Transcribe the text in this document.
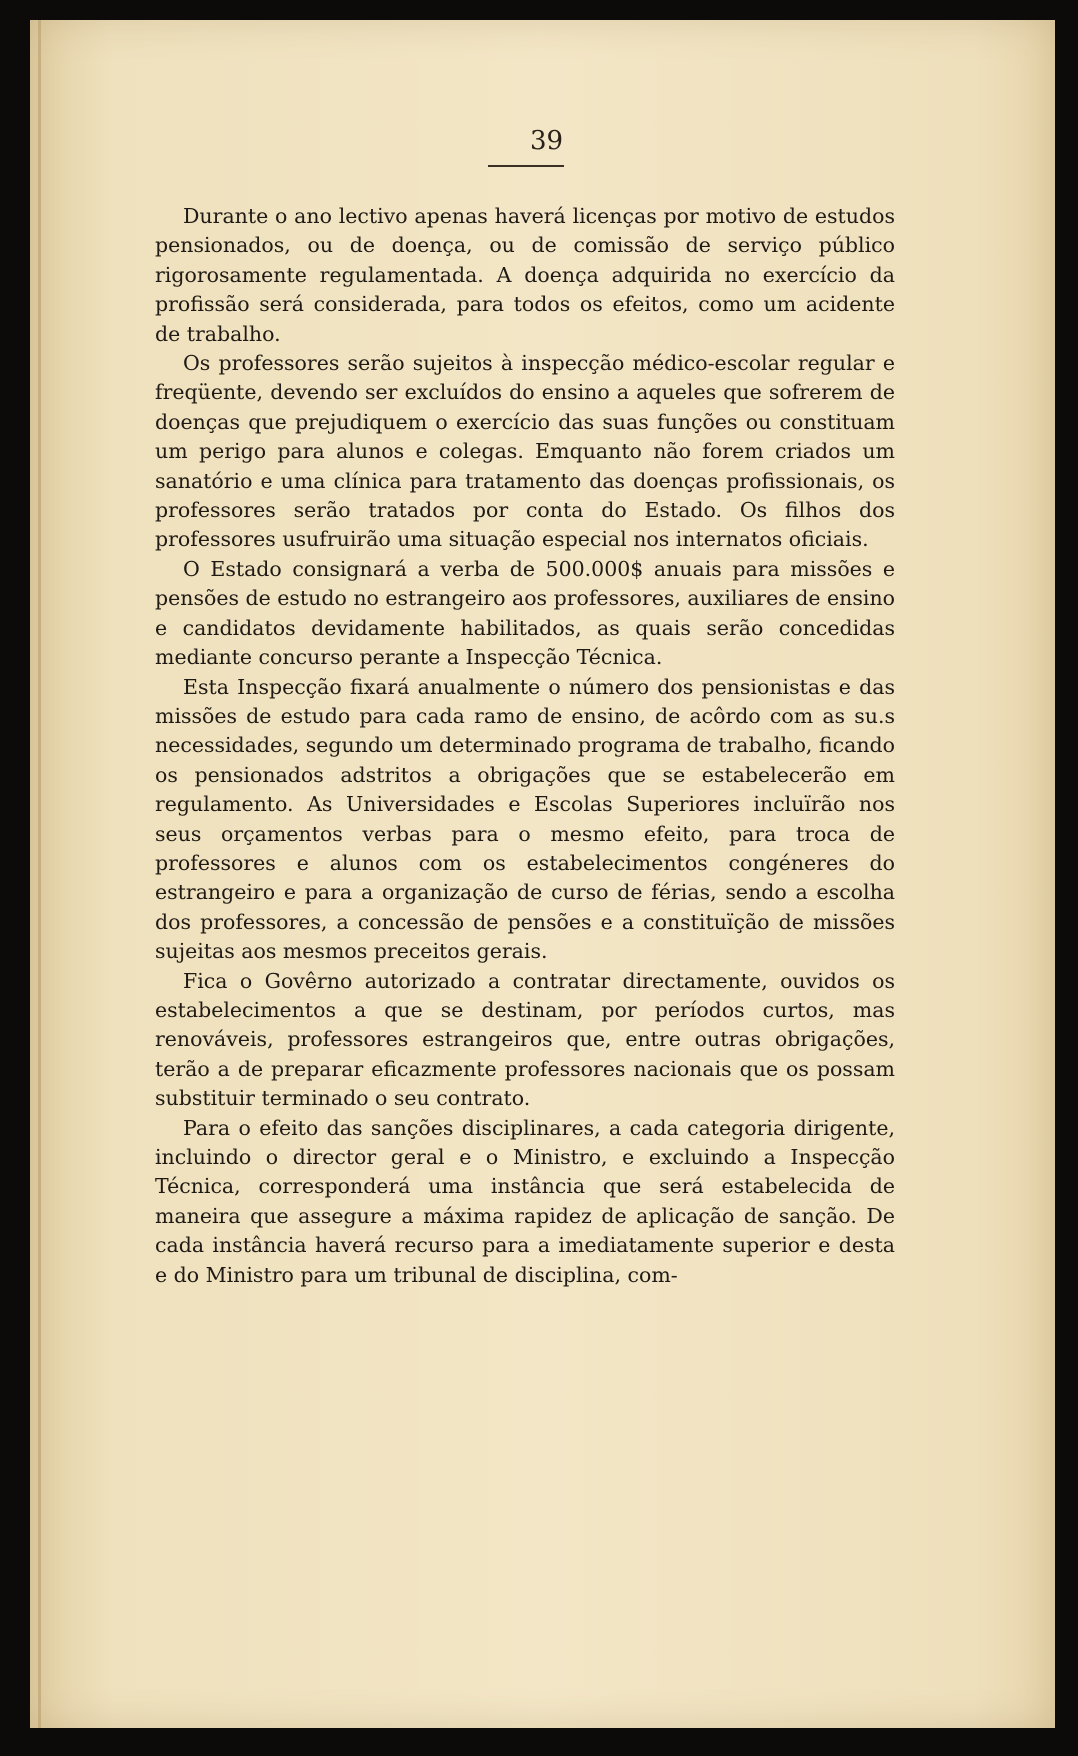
39

Durante o ano lectivo apenas haverá licenças por motivo de estudos pensionados, ou de doença, ou de comissão de serviço público rigorosamente regulamentada. A doença adquirida no exercício da profissão será considerada, para todos os efeitos, como um acidente de trabalho.

Os professores serão sujeitos à inspecção médico-escolar regular e freqüente, devendo ser excluídos do ensino a aqueles que sofrerem de doenças que prejudiquem o exercício das suas funções ou constituam um perigo para alunos e colegas. Emquanto não forem criados um sanatório e uma clínica para tratamento das doenças profissionais, os professores serão tratados por conta do Estado. Os filhos dos professores usufruirão uma situação especial nos internatos oficiais.

O Estado consignará a verba de 500.000$ anuais para missões e pensões de estudo no estrangeiro aos professores, auxiliares de ensino e candidatos devidamente habilitados, as quais serão concedidas mediante concurso perante a Inspecção Técnica.

Esta Inspecção fixará anualmente o número dos pensionistas e das missões de estudo para cada ramo de ensino, de acôrdo com as su.s necessidades, segundo um determinado programa de trabalho, ficando os pensionados adstritos a obrigações que se estabelecerão em regulamento. As Universidades e Escolas Superiores incluïrão nos seus orçamentos verbas para o mesmo efeito, para troca de professores e alunos com os estabelecimentos congéneres do estrangeiro e para a organização de curso de férias, sendo a escolha dos professores, a concessão de pensões e a constituïção de missões sujeitas aos mesmos preceitos gerais.

Fica o Govêrno autorizado a contratar directamente, ouvidos os estabelecimentos a que se destinam, por períodos curtos, mas renováveis, professores estrangeiros que, entre outras obrigações, terão a de preparar eficazmente professores nacionais que os possam substituir terminado o seu contrato.

Para o efeito das sanções disciplinares, a cada categoria dirigente, incluindo o director geral e o Ministro, e excluindo a Inspecção Técnica, corresponderá uma instância que será estabelecida de maneira que assegure a máxima rapidez de aplicação de sanção. De cada instância haverá recurso para a imediatamente superior e desta e do Ministro para um tribunal de disciplina, com-
